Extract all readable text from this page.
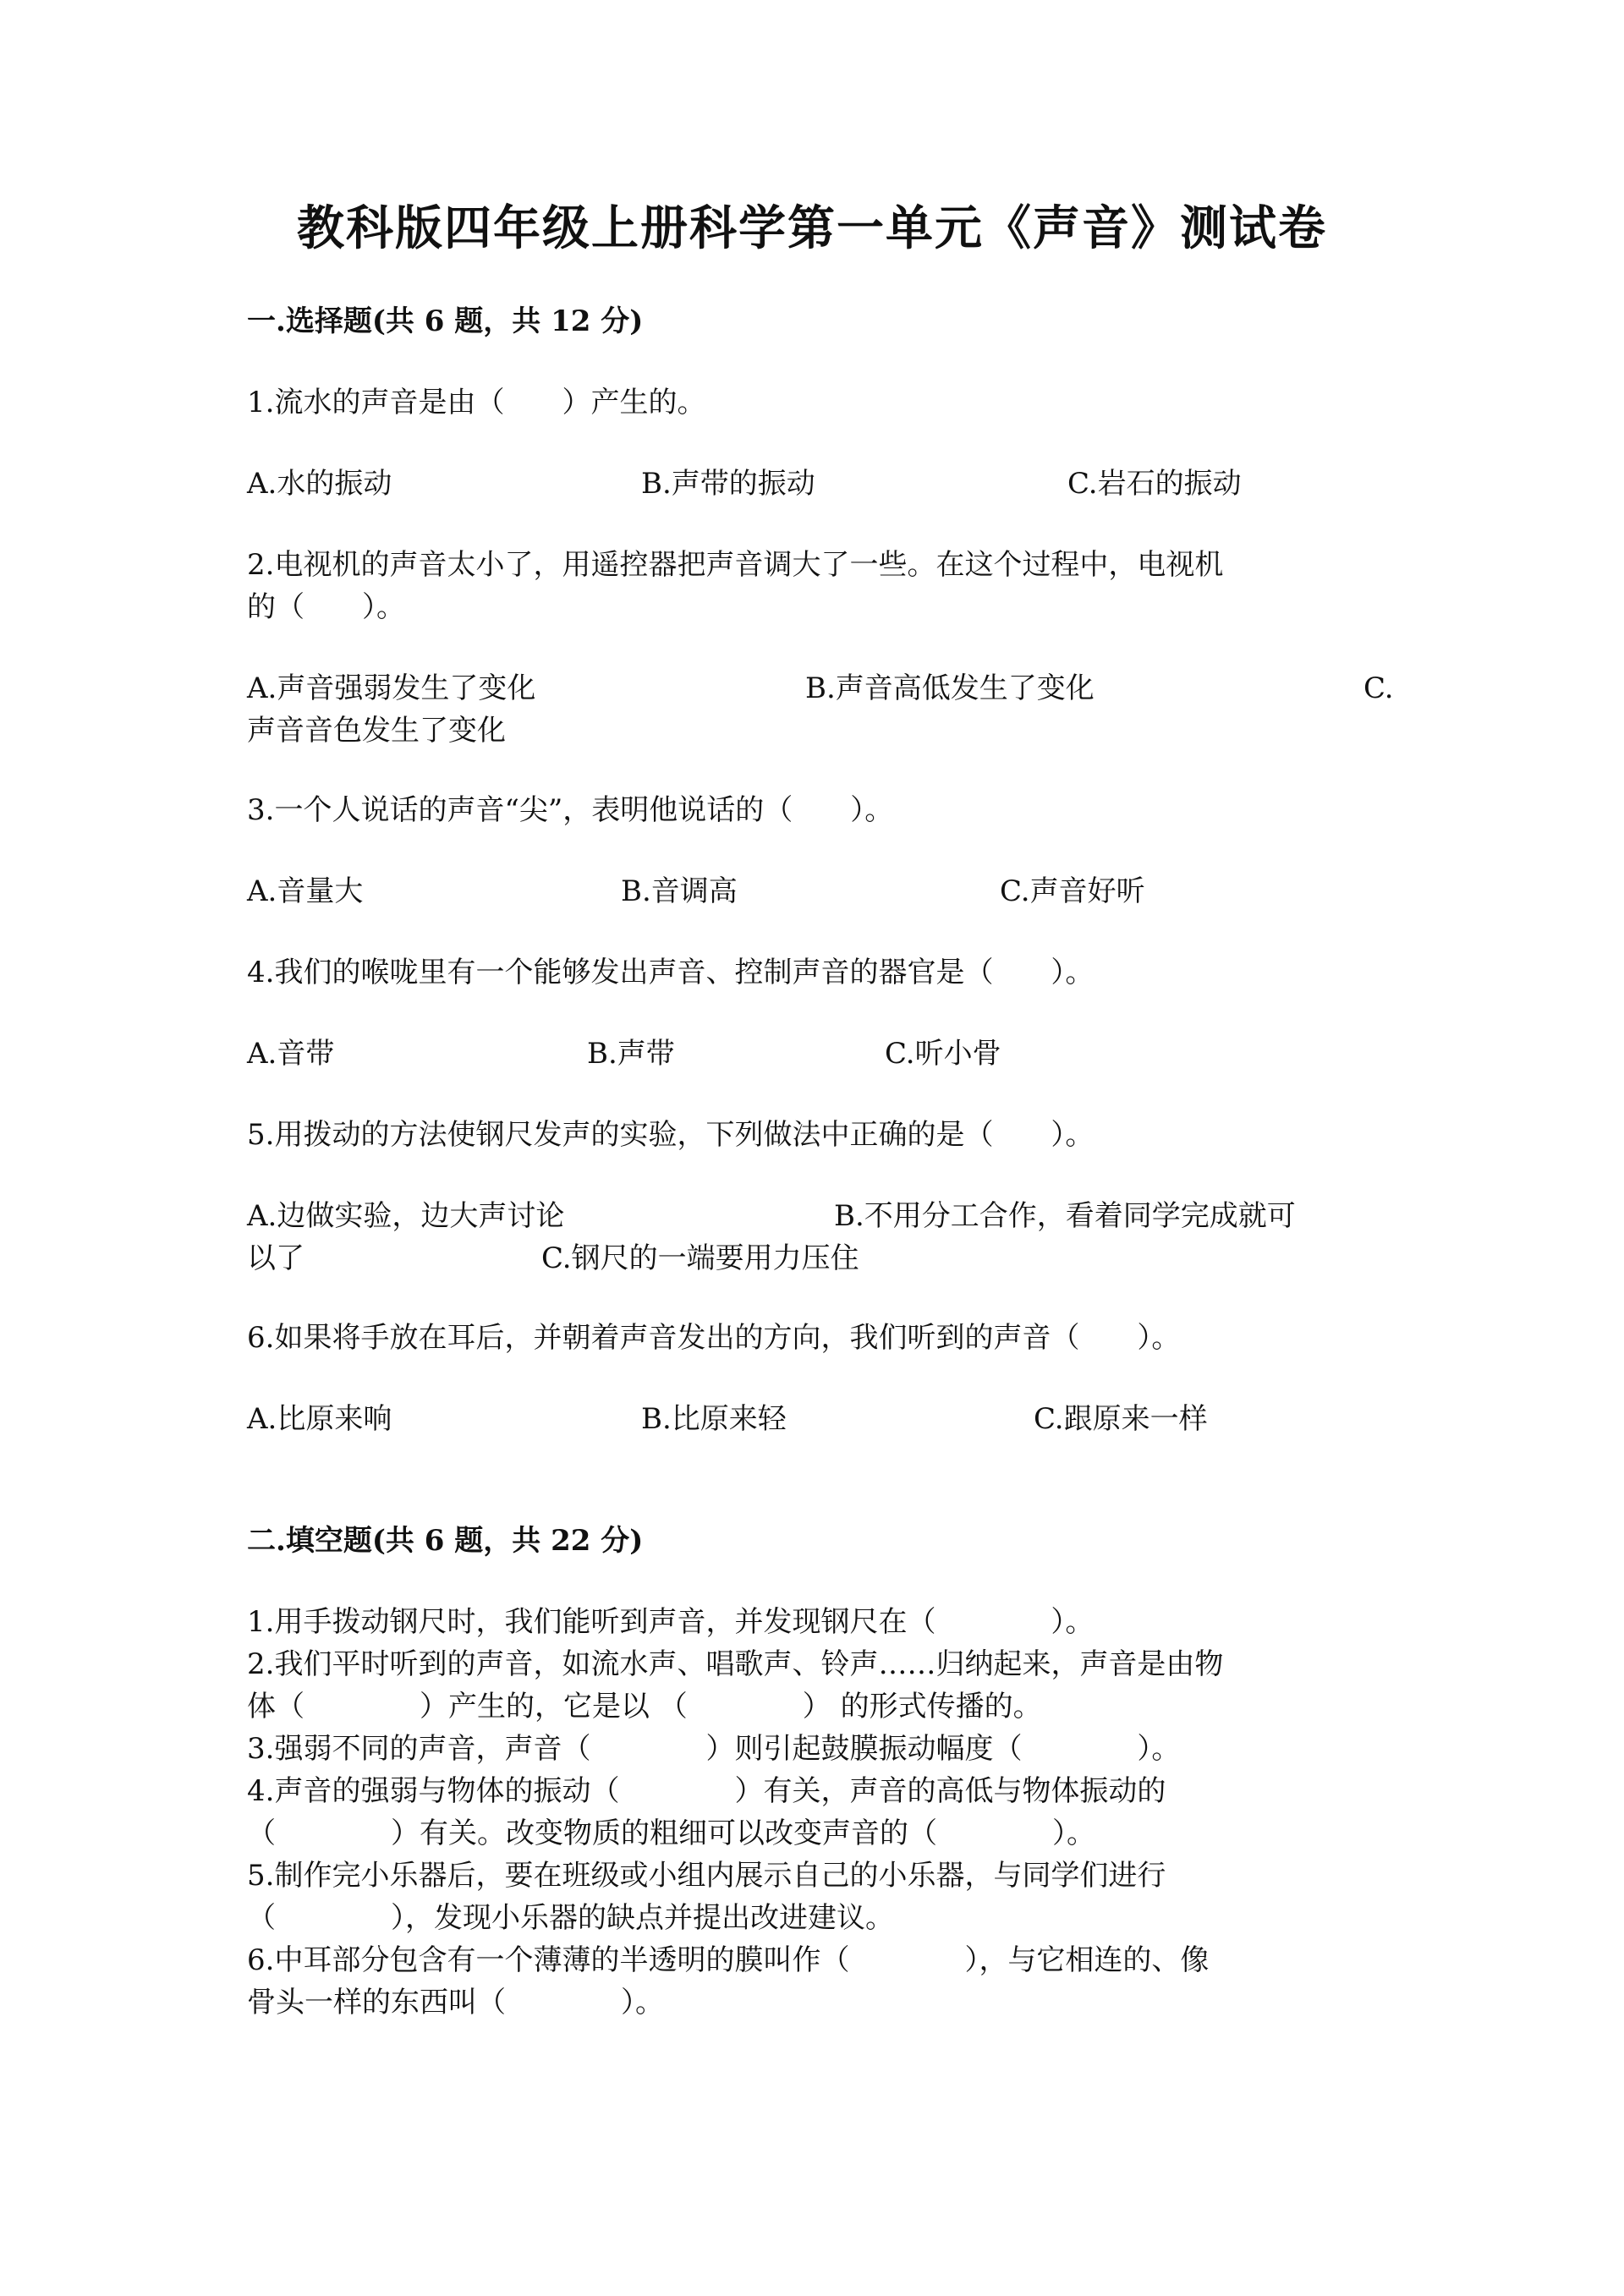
教科版四年级上册科学第一单元《声音》测试卷
一.选择题(共 6 题，共 12 分)
1.流水的声音是由（　　）产生的。
A.水的振动	B.声带的振动	C.岩石的振动
2.电视机的声音太小了，用遥控器把声音调大了一些。在这个过程中，电视机
的（　　）。
A.声音强弱发生了变化	B.声音高低发生了变化	C.
声音音色发生了变化
3.一个人说话的声音“尖”，表明他说话的（　　）。
A.音量大	B.音调高	C.声音好听
4.我们的喉咙里有一个能够发出声音、控制声音的器官是（　　）。
A.音带	B.声带	C.听小骨
5.用拨动的方法使钢尺发声的实验，下列做法中正确的是（　　）。
A.边做实验，边大声讨论	B.不用分工合作，看着同学完成就可
以了	C.钢尺的一端要用力压住
6.如果将手放在耳后，并朝着声音发出的方向，我们听到的声音（　　）。
A.比原来响	B.比原来轻	C.跟原来一样
二.填空题(共 6 题，共 22 分)
1.用手拨动钢尺时，我们能听到声音，并发现钢尺在（　　　　）。
2.我们平时听到的声音，如流水声、唱歌声、铃声……归纳起来，声音是由物
体（　　　　）产生的，它是以 （　　　　） 的形式传播的。
3.强弱不同的声音，声音（　　　　）则引起鼓膜振动幅度（　　　　）。
4.声音的强弱与物体的振动（　　　　）有关，声音的高低与物体振动的
（　　　　）有关。改变物质的粗细可以改变声音的（　　　　）。
5.制作完小乐器后，要在班级或小组内展示自己的小乐器，与同学们进行
（　　　　），发现小乐器的缺点并提出改进建议。
6.中耳部分包含有一个薄薄的半透明的膜叫作（　　　　），与它相连的、像
骨头一样的东西叫（　　　　）。
